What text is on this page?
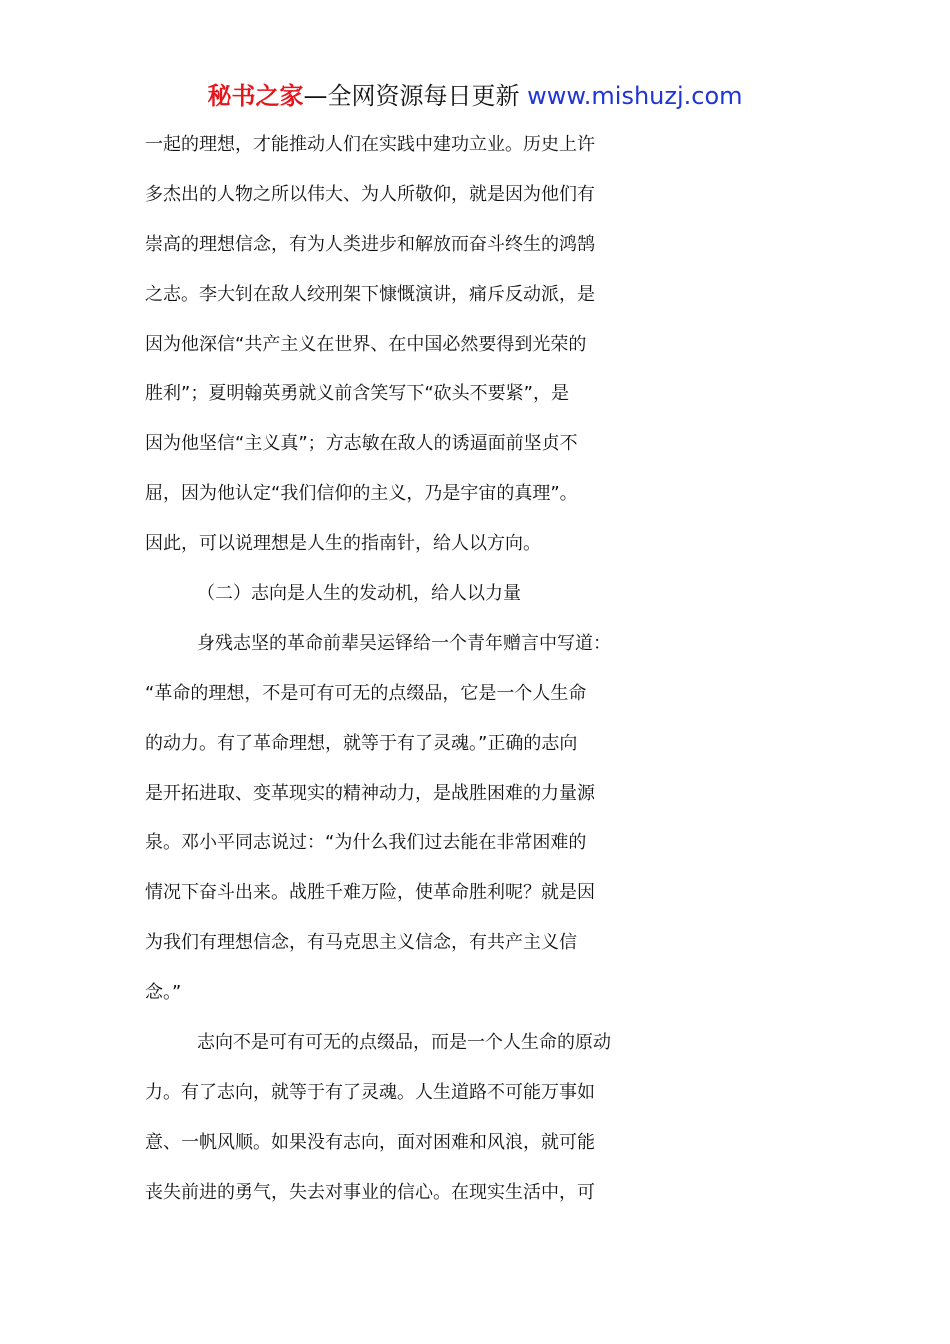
秘书之家—全网资源每日更新 www.mishuzj.com
一起的理想，才能推动人们在实践中建功立业。历史上许
多杰出的人物之所以伟大、为人所敬仰，就是因为他们有
崇高的理想信念，有为人类进步和解放而奋斗终生的鸿鹄
之志。李大钊在敌人绞刑架下慷慨演讲，痛斥反动派，是
因为他深信“共产主义在世界、在中国必然要得到光荣的
胜利”；夏明翰英勇就义前含笑写下“砍头不要紧”，是
因为他坚信“主义真”；方志敏在敌人的诱逼面前坚贞不
屈，因为他认定“我们信仰的主义，乃是宇宙的真理”。
因此，可以说理想是人生的指南针，给人以方向。
（二）志向是人生的发动机，给人以力量
身残志坚的革命前辈吴运铎给一个青年赠言中写道：
“革命的理想，不是可有可无的点缀品，它是一个人生命
的动力。有了革命理想，就等于有了灵魂。”正确的志向
是开拓进取、变革现实的精神动力，是战胜困难的力量源
泉。邓小平同志说过：“为什么我们过去能在非常困难的
情况下奋斗出来。战胜千难万险，使革命胜利呢？就是因
为我们有理想信念，有马克思主义信念，有共产主义信
念。”
志向不是可有可无的点缀品，而是一个人生命的原动
力。有了志向，就等于有了灵魂。人生道路不可能万事如
意、一帆风顺。如果没有志向，面对困难和风浪，就可能
丧失前进的勇气，失去对事业的信心。在现实生活中，可
